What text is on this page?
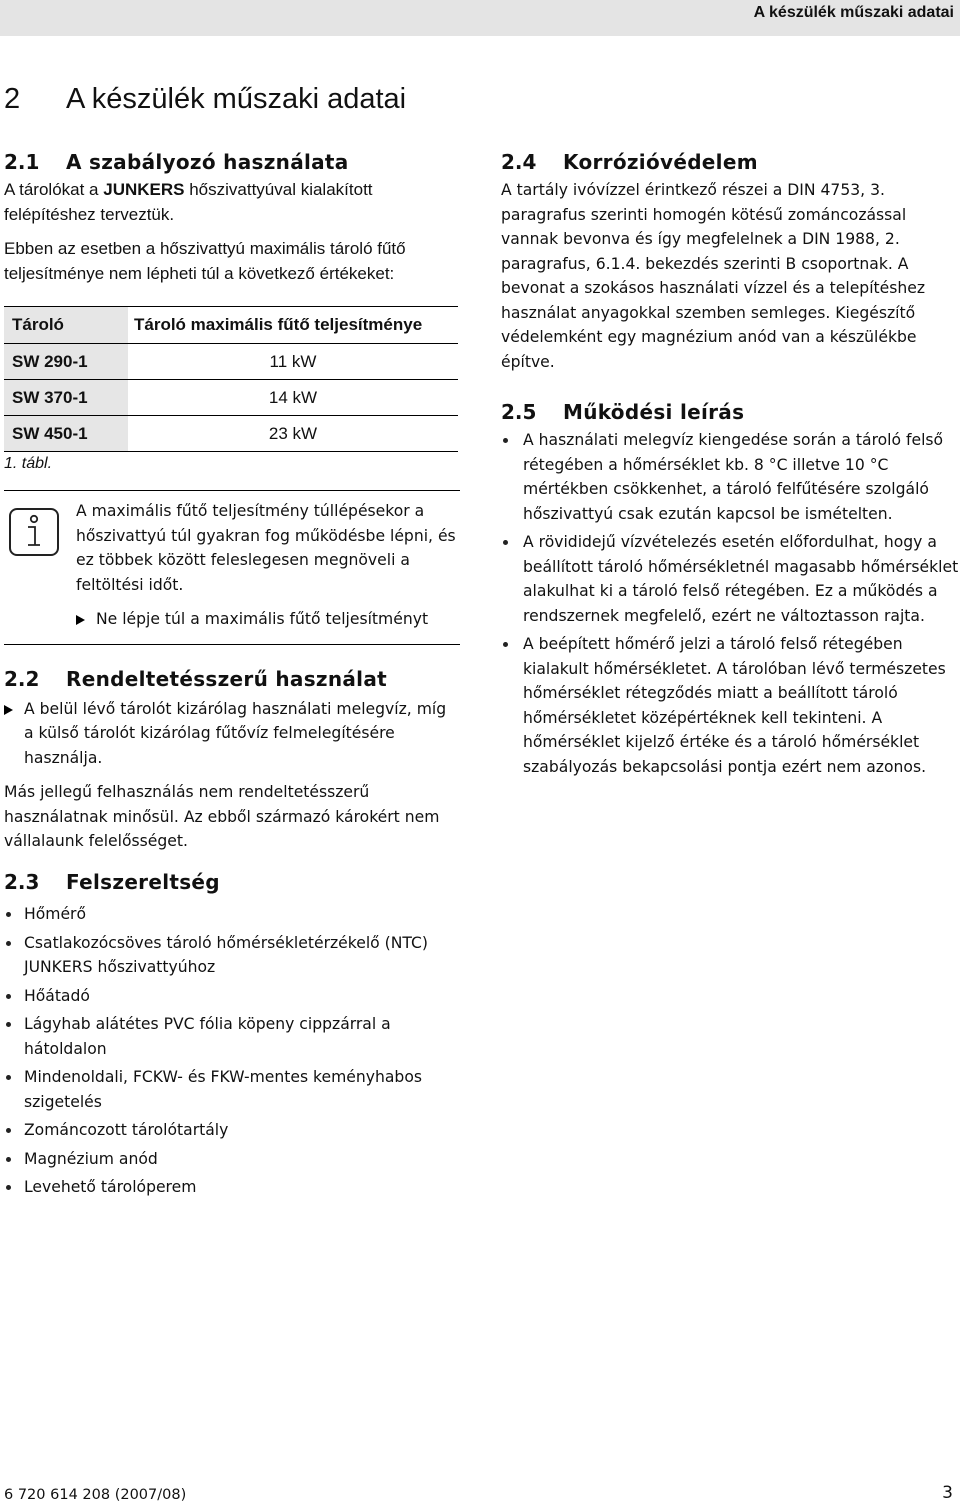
A készülék műszaki adatai
2 A készülék műszaki adatai
2.1 A szabályozó használata

A tárolókat a JUNKERS hőszivattyúval kialakított felépítéshez terveztük.

Ebben az esetben a hőszivattyú maximális tároló fűtő teljesítménye nem lépheti túl a következő értékeket:

Tároló	Tároló maximális fűtő teljesítménye
SW 290-1	11 kW
SW 370-1	14 kW
SW 450-1	23 kW

1. tábl.

A maximális fűtő teljesítmény túllépésekor a hőszivattyú túl gyakran fog működésbe lépni, és ez többek között feleslegesen megnöveli a feltöltési időt.

Ne lépje túl a maximális fűtő teljesítményt

2.2 Rendeltetésszerű használat

A belül lévő tárolót kizárólag használati melegvíz, míg a külső tárolót kizárólag fűtővíz felmelegítésére használja.

Más jellegű felhasználás nem rendeltetésszerű használatnak minősül. Az ebből származó károkért nem vállalaunk felelősséget.

2.3 Felszereltség
Hőmérő
Csatlakozócsöves tároló hőmérsékletérzékelő (NTC) JUNKERS hőszivattyúhoz
Hőátadó
Lágyhab alátétes PVC fólia köpeny cippzárral a hátoldalon
Mindenoldali, FCKW- és FKW-mentes keményhabos szigetelés
Zománcozott tárolótartály
Magnézium anód
Levehető tárolóperem
2.4 Korrózióvédelem

A tartály ivóvízzel érintkező részei a DIN 4753, 3. paragrafus szerinti homogén kötésű zománcozással vannak bevonva és így megfelelnek a DIN 1988, 2. paragrafus, 6.1.4. bekezdés szerinti B csoportnak. A bevonat a szokásos használati vízzel és a telepítéshez használat anyagokkal szemben semleges. Kiegészítő védelemként egy magnézium anód van a készülékbe építve.

2.5 Működési leírás
A használati melegvíz kiengedése során a tároló felső rétegében a hőmérséklet kb. 8 °C illetve 10 °C mértékben csökkenhet, a tároló felfűtésére szolgáló hőszivattyú csak ezután kapcsol be ismételten.
A rövididejű vízvételezés esetén előfordulhat, hogy a beállított tároló hőmérsékletnél magasabb hőmérséklet alakulhat ki a tároló felső rétegében. Ez a működés a rendszernek megfelelő, ezért ne változtasson rajta.
A beépített hőmérő jelzi a tároló felső rétegében kialakult hőmérsékletet. A tárolóban lévő természetes hőmérséklet rétegződés miatt a beállított tároló hőmérsékletet középértéknek kell tekinteni. A hőmérséklet kijelző értéke és a tároló hőmérséklet szabályozás bekapcsolási pontja ezért nem azonos.
6 720 614 208 (2007/08)	3
